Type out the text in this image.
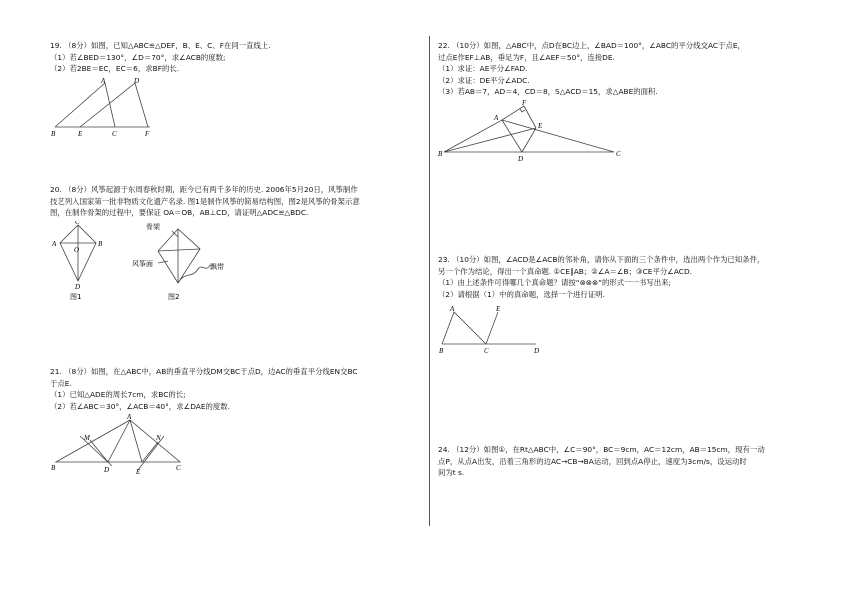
19. （8分）如图，已知△ABC≌△DEF，B、E、C、F在同一直线上.
（1）若∠BED＝130°，∠D＝70°，求∠ACB的度数;
（2）若2BE＝EC，EC＝6，求BF的长.
A	D
B	E	C	F
20. （8分）风筝起源于东周春秋时期，距今已有两千多年的历史. 2006年5月20日，风筝制作
技艺列入国家第一批非物质文化遗产名录. 图1是制作风筝的简易结构图，图2是风筝的骨架示意
图，在制作骨架的过程中，要保证 OA＝OB，AB⊥CD，请证明△ADC≌△BDC.
C
A
O
B
D
图1
骨架
风筝面	飘带
图2
21. （8分）如图，在△ABC中，AB的垂直平分线DM交BC于点D，边AC的垂直平分线EN交BC
于点E.
（1）已知△ADE的周长7cm，求BC的长;
（2）若∠ABC＝30°，∠ACB＝40°，求∠DAE的度数.
A
M	N
B	D	E	C
22. （10分）如图，△ABC中，点D在BC边上，∠BAD＝100°，∠ABC的平分线交AC于点E，
过点E作EF⊥AB，垂足为F，且∠AEF＝50°，连接DE.
（1）求证：AE平分∠FAD.
（2）求证：DE平分∠ADC.
（3）若AB＝7，AD＝4，CD＝8，S△ACD＝15，求△ABE的面积.
F
A
E
B
D
C
23. （10分）如图，∠ACD是∠ACB的邻补角，请你从下面的三个条件中，选出两个作为已知条件，
另一个作为结论，得出一个真命题. ①CE∥AB；②∠A＝∠B；③CE平分∠ACD.
（1）由上述条件可得哪几个真命题？请按“⊗⊗⊗”的形式一一书写出来;
（2）请根据（1）中的真命题，选择一个进行证明.
A	E
B	C	D
24. （12分）如图①，在Rt△ABC中，∠C＝90°，BC＝9cm，AC＝12cm，AB＝15cm，现有一动
点P，从点A出发，沿着三角形的边AC→CB→BA运动，回到点A停止，速度为3cm/s，设运动时
间为t s.
